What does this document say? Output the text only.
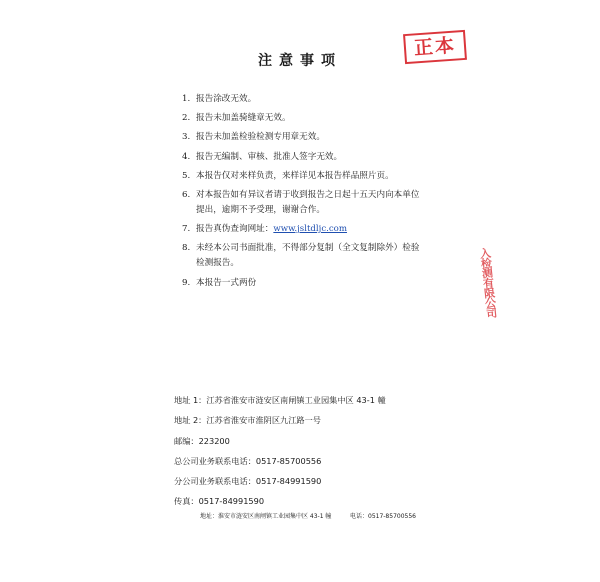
注意事项
正本
1. 报告涂改无效。
2. 报告未加盖骑缝章无效。
3. 报告未加盖检验检测专用章无效。
4. 报告无编制、审核、批准人签字无效。
5. 本报告仅对来样负责，来样详见本报告样品照片页。
6. 对本报告如有异议者请于收到报告之日起十五天内向本单位
提出，逾期不予受理，谢谢合作。
7. 报告真伪查询网址：www.jsltdljc.com
8. 未经本公司书面批准，不得部分复制（全文复制除外）检验
检测报告。
9. 本报告一式两份	入检测有限公司
地址 1：江苏省淮安市涟安区南闸镇工业园集中区 43-1 幢
地址 2：江苏省淮安市淮阴区九江路一号
邮编：223200
总公司业务联系电话：0517-85700556
分公司业务联系电话：0517-84991590
传真：0517-84991590
地址：淮安市涟安区南闸镇工业园集中区 43-1 幢	电话：0517-85700556
